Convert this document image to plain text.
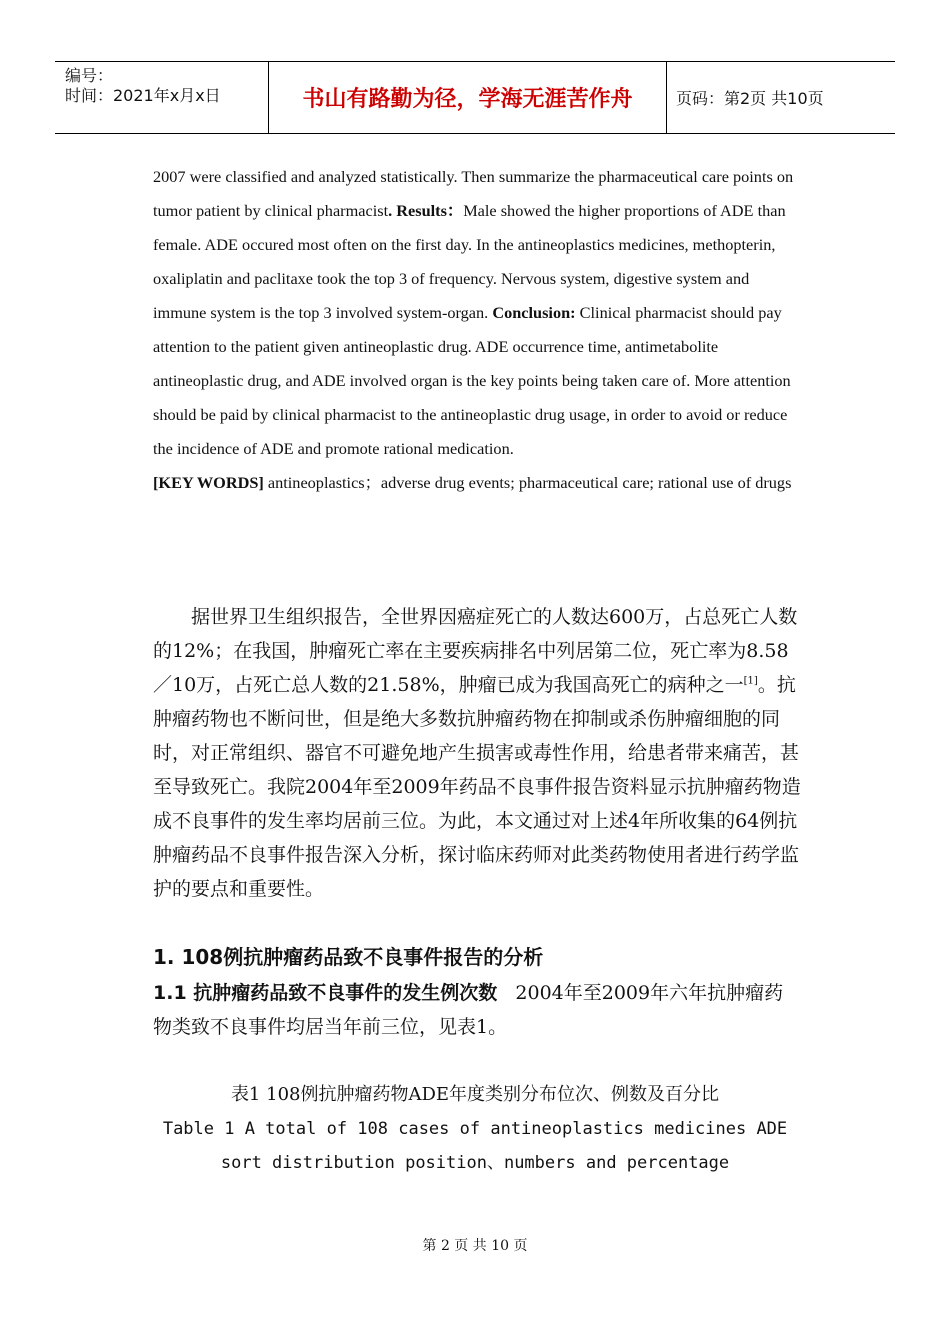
编号：
时间：2021年x月x日	书山有路勤为径，学海无涯苦作舟	页码：第2页 共10页

2007 were classified and analyzed statistically. Then summarize the pharmaceutical care points on tumor patient by clinical pharmacist. Results：Male showed the higher proportions of ADE than female. ADE occured most often on the first day. In the antineoplastics medicines, methopterin, oxaliplatin and paclitaxe took the top 3 of frequency. Nervous system, digestive system and immune system is the top 3 involved system-organ. Conclusion: Clinical pharmacist should pay attention to the patient given antineoplastic drug. ADE occurrence time, antimetabolite antineoplastic drug, and ADE involved organ is the key points being taken care of. More attention should be paid by clinical pharmacist to the antineoplastic drug usage, in order to avoid or reduce the incidence of ADE and promote rational medication.

[KEY WORDS] antineoplastics；adverse drug events; pharmaceutical care; rational use of drugs

据世界卫生组织报告，全世界因癌症死亡的人数达600万，占总死亡人数的12%；在我国，肿瘤死亡率在主要疾病排名中列居第二位，死亡率为8.58／10万，占死亡总人数的21.58%，肿瘤已成为我国高死亡的病种之一[1]。抗肿瘤药物也不断问世，但是绝大多数抗肿瘤药物在抑制或杀伤肿瘤细胞的同时，对正常组织、器官不可避免地产生损害或毒性作用，给患者带来痛苦，甚至导致死亡。我院2004年至2009年药品不良事件报告资料显示抗肿瘤药物造成不良事件的发生率均居前三位。为此，本文通过对上述4年所收集的64例抗肿瘤药品不良事件报告深入分析，探讨临床药师对此类药物使用者进行药学监护的要点和重要性。

1. 108例抗肿瘤药品致不良事件报告的分析
1.1 抗肿瘤药品致不良事件的发生例次数 2004年至2009年六年抗肿瘤药物类致不良事件均居当年前三位，见表1。
表1 108例抗肿瘤药物ADE年度类别分布位次、例数及百分比
Table 1 A total of 108 cases of antineoplastics medicines ADE
sort distribution position、numbers and percentage
第 2 页 共 10 页
